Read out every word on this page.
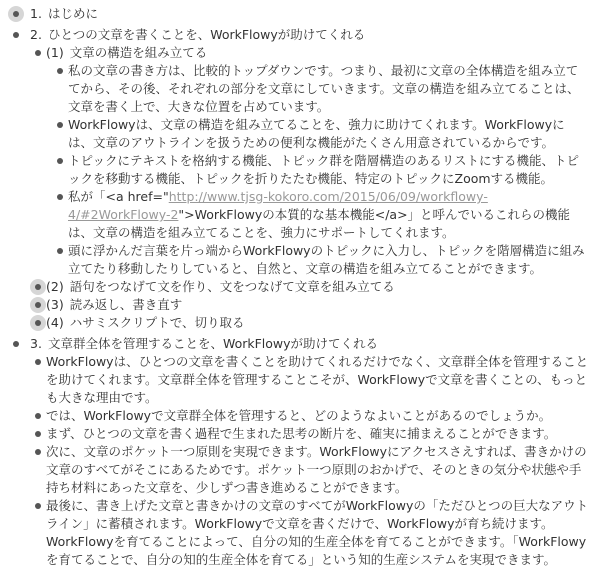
1. はじめに
2. ひとつの文章を書くことを、WorkFlowyが助けてくれる
(1) 文章の構造を組み立てる
私の文章の書き方は、比較的トップダウンです。つまり、最初に文章の全体構造を組み立ててから、その後、それぞれの部分を文章にしていきます。文章の構造を組み立てることは、文章を書く上で、大きな位置を占めています。
WorkFlowyは、文章の構造を組み立てることを、強力に助けてくれます。WorkFlowyには、文章のアウトラインを扱うための便利な機能がたくさん用意されているからです。
トピックにテキストを格納する機能、トピック群を階層構造のあるリストにする機能、トピックを移動する機能、トピックを折りたたむ機能、特定のトピックにZoomする機能。
私が「<a href="http://www.tjsg-kokoro.com/2015/06/09/workflowy-4/#2WorkFlowy-2">WorkFlowyの本質的な基本機能</a>」と呼んでいるこれらの機能は、文章の構造を組み立てることを、強力にサポートしてくれます。
頭に浮かんだ言葉を片っ端からWorkFlowyのトピックに入力し、トピックを階層構造に組み立てたり移動したりしていると、自然と、文章の構造を組み立てることができます。
(2) 語句をつなげて文を作り、文をつなげて文章を組み立てる
(3) 読み返し、書き直す
(4) ハサミスクリプトで、切り取る
3. 文章群全体を管理することを、WorkFlowyが助けてくれる
WorkFlowyは、ひとつの文章を書くことを助けてくれるだけでなく、文章群全体を管理することを助けてくれます。文章群全体を管理することこそが、WorkFlowyで文章を書くことの、もっとも大きな理由です。
では、WorkFlowyで文章群全体を管理すると、どのようなよいことがあるのでしょうか。
まず、ひとつの文章を書く過程で生まれた思考の断片を、確実に捕まえることができます。
次に、文章のポケット一つ原則を実現できます。WorkFlowyにアクセスさえすれば、書きかけの文章のすべてがそこにあるためです。ポケット一つ原則のおかげで、そのときの気分や状態や手持ち材料にあった文章を、少しずつ書き進めることができます。
最後に、書き上げた文章と書きかけの文章のすべてがWorkFlowyの「ただひとつの巨大なアウトライン」に蓄積されます。WorkFlowyで文章を書くだけで、WorkFlowyが育ち続けます。WorkFlowyを育てることによって、自分の知的生産全体を育てることができます。「WorkFlowyを育てることで、自分の知的生産全体を育てる」という知的生産システムを実現できます。
